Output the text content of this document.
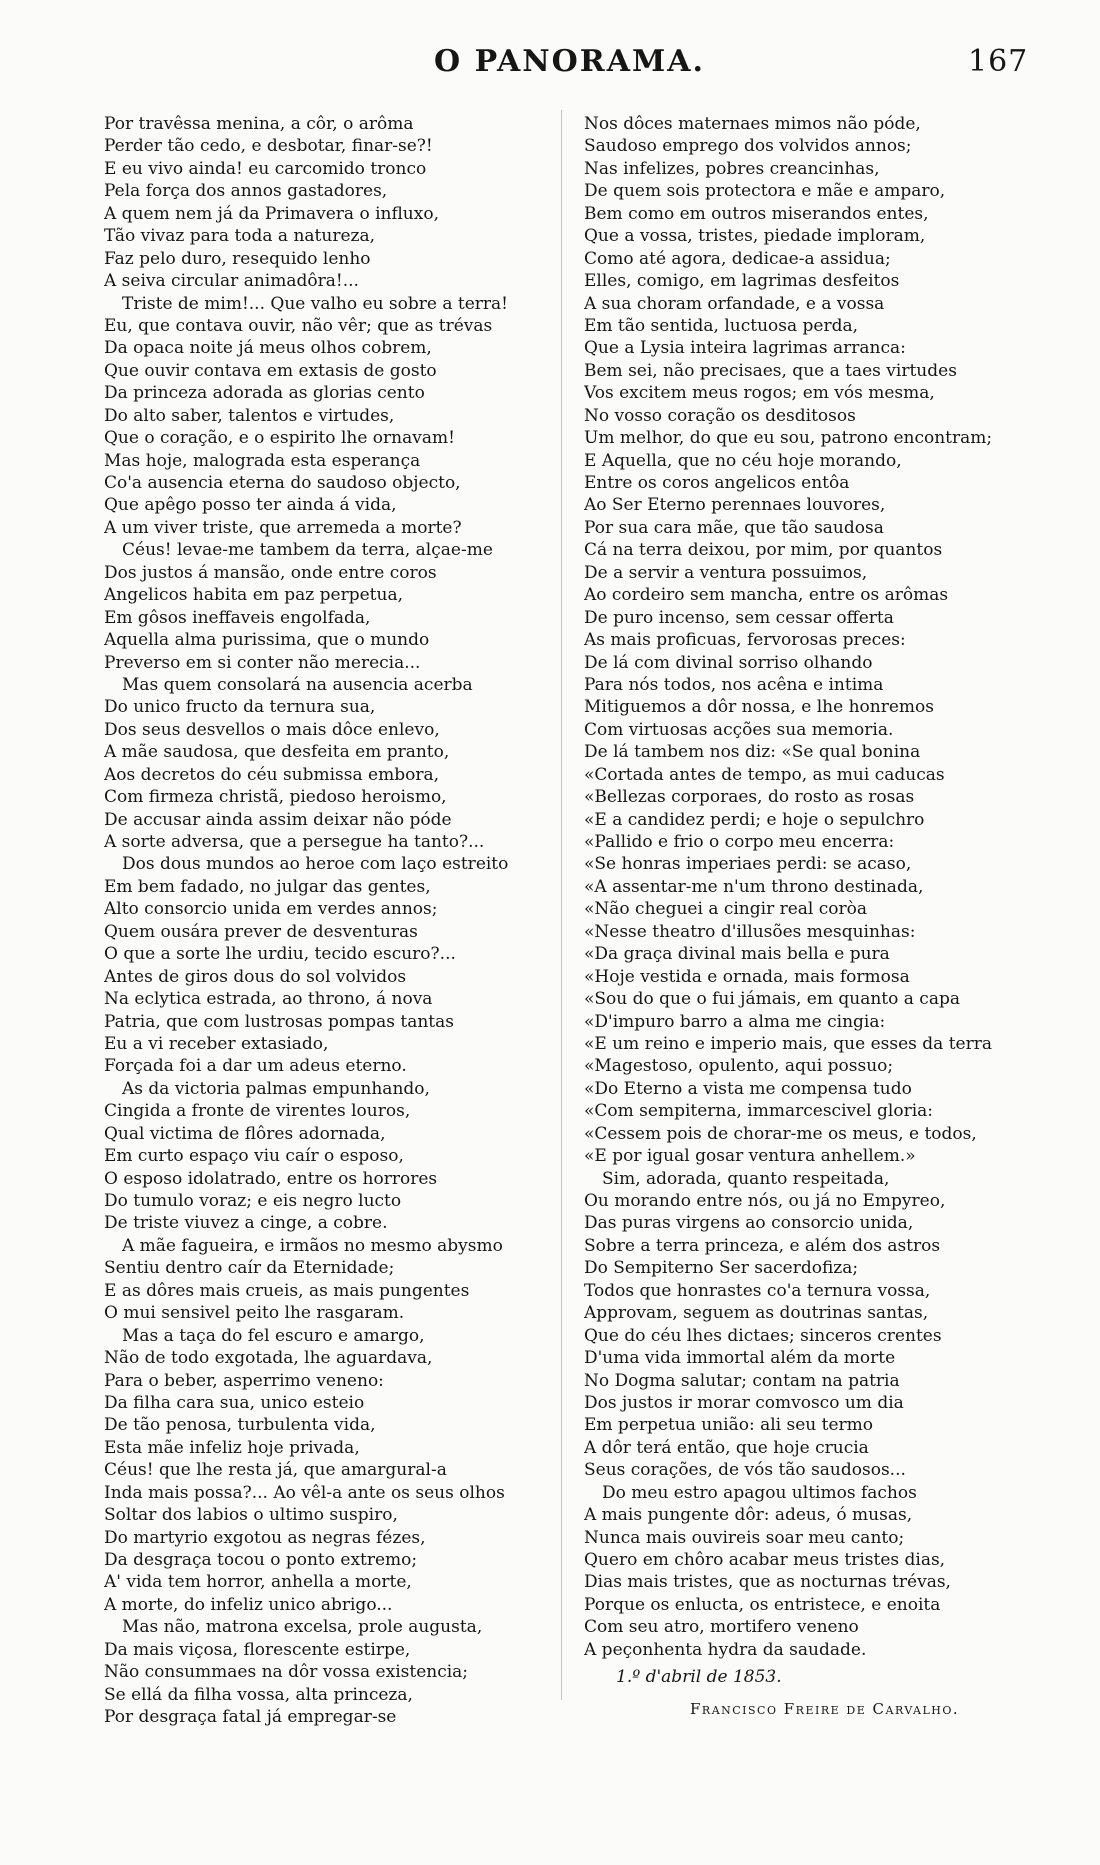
O PANORAMA.	167
Por travêssa menina, a côr, o arôma
Perder tão cedo, e desbotar, finar-se?!
E eu vivo ainda! eu carcomido tronco
Pela força dos annos gastadores,
A quem nem já da Primavera o influxo,
Tão vivaz para toda a natureza,
Faz pelo duro, resequido lenho
A seiva circular animadôra!...
Triste de mim!... Que valho eu sobre a terra!
Eu, que contava ouvir, não vêr; que as trévas
Da opaca noite já meus olhos cobrem,
Que ouvir contava em extasis de gosto
Da princeza adorada as glorias cento
Do alto saber, talentos e virtudes,
Que o coração, e o espirito lhe ornavam!
Mas hoje, malograda esta esperança
Co'a ausencia eterna do saudoso objecto,
Que apêgo posso ter ainda á vida,
A um viver triste, que arremeda a morte?
Céus! levae-me tambem da terra, alçae-me
Dos justos á mansão, onde entre coros
Angelicos habita em paz perpetua,
Em gôsos ineffaveis engolfada,
Aquella alma purissima, que o mundo
Preverso em si conter não merecia...
Mas quem consolará na ausencia acerba
Do unico fructo da ternura sua,
Dos seus desvellos o mais dôce enlevo,
A mãe saudosa, que desfeita em pranto,
Aos decretos do céu submissa embora,
Com firmeza christã, piedoso heroismo,
De accusar ainda assim deixar não póde
A sorte adversa, que a persegue ha tanto?...
Dos dous mundos ao heroe com laço estreito
Em bem fadado, no julgar das gentes,
Alto consorcio unida em verdes annos;
Quem ousára prever de desventuras
O que a sorte lhe urdiu, tecido escuro?...
Antes de giros dous do sol volvidos
Na eclytica estrada, ao throno, á nova
Patria, que com lustrosas pompas tantas
Eu a vi receber extasiado,
Forçada foi a dar um adeus eterno.
As da victoria palmas empunhando,
Cingida a fronte de virentes louros,
Qual victima de flôres adornada,
Em curto espaço viu caír o esposo,
O esposo idolatrado, entre os horrores
Do tumulo voraz; e eis negro lucto
De triste viuvez a cinge, a cobre.
A mãe fagueira, e irmãos no mesmo abysmo
Sentiu dentro caír da Eternidade;
E as dôres mais crueis, as mais pungentes
O mui sensivel peito lhe rasgaram.
Mas a taça do fel escuro e amargo,
Não de todo exgotada, lhe aguardava,
Para o beber, asperrimo veneno:
Da filha cara sua, unico esteio
De tão penosa, turbulenta vida,
Esta mãe infeliz hoje privada,
Céus! que lhe resta já, que amargural-a
Inda mais possa?... Ao vêl-a ante os seus olhos
Soltar dos labios o ultimo suspiro,
Do martyrio exgotou as negras fézes,
Da desgraça tocou o ponto extremo;
A' vida tem horror, anhella a morte,
A morte, do infeliz unico abrigo...
Mas não, matrona excelsa, prole augusta,
Da mais viçosa, florescente estirpe,
Não consummaes na dôr vossa existencia;
Se ellá da filha vossa, alta princeza,
Por desgraça fatal já empregar-se
Nos dôces maternaes mimos não póde,
Saudoso emprego dos volvidos annos;
Nas infelizes, pobres creancinhas,
De quem sois protectora e mãe e amparo,
Bem como em outros miserandos entes,
Que a vossa, tristes, piedade imploram,
Como até agora, dedicae-a assidua;
Elles, comigo, em lagrimas desfeitos
A sua choram orfandade, e a vossa
Em tão sentida, luctuosa perda,
Que a Lysia inteira lagrimas arranca:
Bem sei, não precisaes, que a taes virtudes
Vos excitem meus rogos; em vós mesma,
No vosso coração os desditosos
Um melhor, do que eu sou, patrono encontram;
E Aquella, que no céu hoje morando,
Entre os coros angelicos entôa
Ao Ser Eterno perennaes louvores,
Por sua cara mãe, que tão saudosa
Cá na terra deixou, por mim, por quantos
De a servir a ventura possuimos,
Ao cordeiro sem mancha, entre os arômas
De puro incenso, sem cessar offerta
As mais proficuas, fervorosas preces:
De lá com divinal sorriso olhando
Para nós todos, nos acêna e intima
Mitiguemos a dôr nossa, e lhe honremos
Com virtuosas acções sua memoria.
De lá tambem nos diz: «Se qual bonina
«Cortada antes de tempo, as mui caducas
«Bellezas corporaes, do rosto as rosas
«E a candidez perdi; e hoje o sepulchro
«Pallido e frio o corpo meu encerra:
«Se honras imperiaes perdi: se acaso,
«A assentar-me n'um throno destinada,
«Não cheguei a cingir real coròa
«Nesse theatro d'illusões mesquinhas:
«Da graça divinal mais bella e pura
«Hoje vestida e ornada, mais formosa
«Sou do que o fui jámais, em quanto a capa
«D'impuro barro a alma me cingia:
«E um reino e imperio mais, que esses da terra
«Magestoso, opulento, aqui possuo;
«Do Eterno a vista me compensa tudo
«Com sempiterna, immarcescivel gloria:
«Cessem pois de chorar-me os meus, e todos,
«E por igual gosar ventura anhellem.»
Sim, adorada, quanto respeitada,
Ou morando entre nós, ou já no Empyreo,
Das puras virgens ao consorcio unida,
Sobre a terra princeza, e além dos astros
Do Sempiterno Ser sacerdofiza;
Todos que honrastes co'a ternura vossa,
Approvam, seguem as doutrinas santas,
Que do céu lhes dictaes; sinceros crentes
D'uma vida immortal além da morte
No Dogma salutar; contam na patria
Dos justos ir morar comvosco um dia
Em perpetua união: ali seu termo
A dôr terá então, que hoje crucia
Seus corações, de vós tão saudosos...
Do meu estro apagou ultimos fachos
A mais pungente dôr: adeus, ó musas,
Nunca mais ouvireis soar meu canto;
Quero em chôro acabar meus tristes dias,
Dias mais tristes, que as nocturnas trévas,
Porque os enlucta, os entristece, e enoita
Com seu atro, mortifero veneno
A peçonhenta hydra da saudade.
1.º d'abril de 1853.
Francisco Freire de Carvalho.
